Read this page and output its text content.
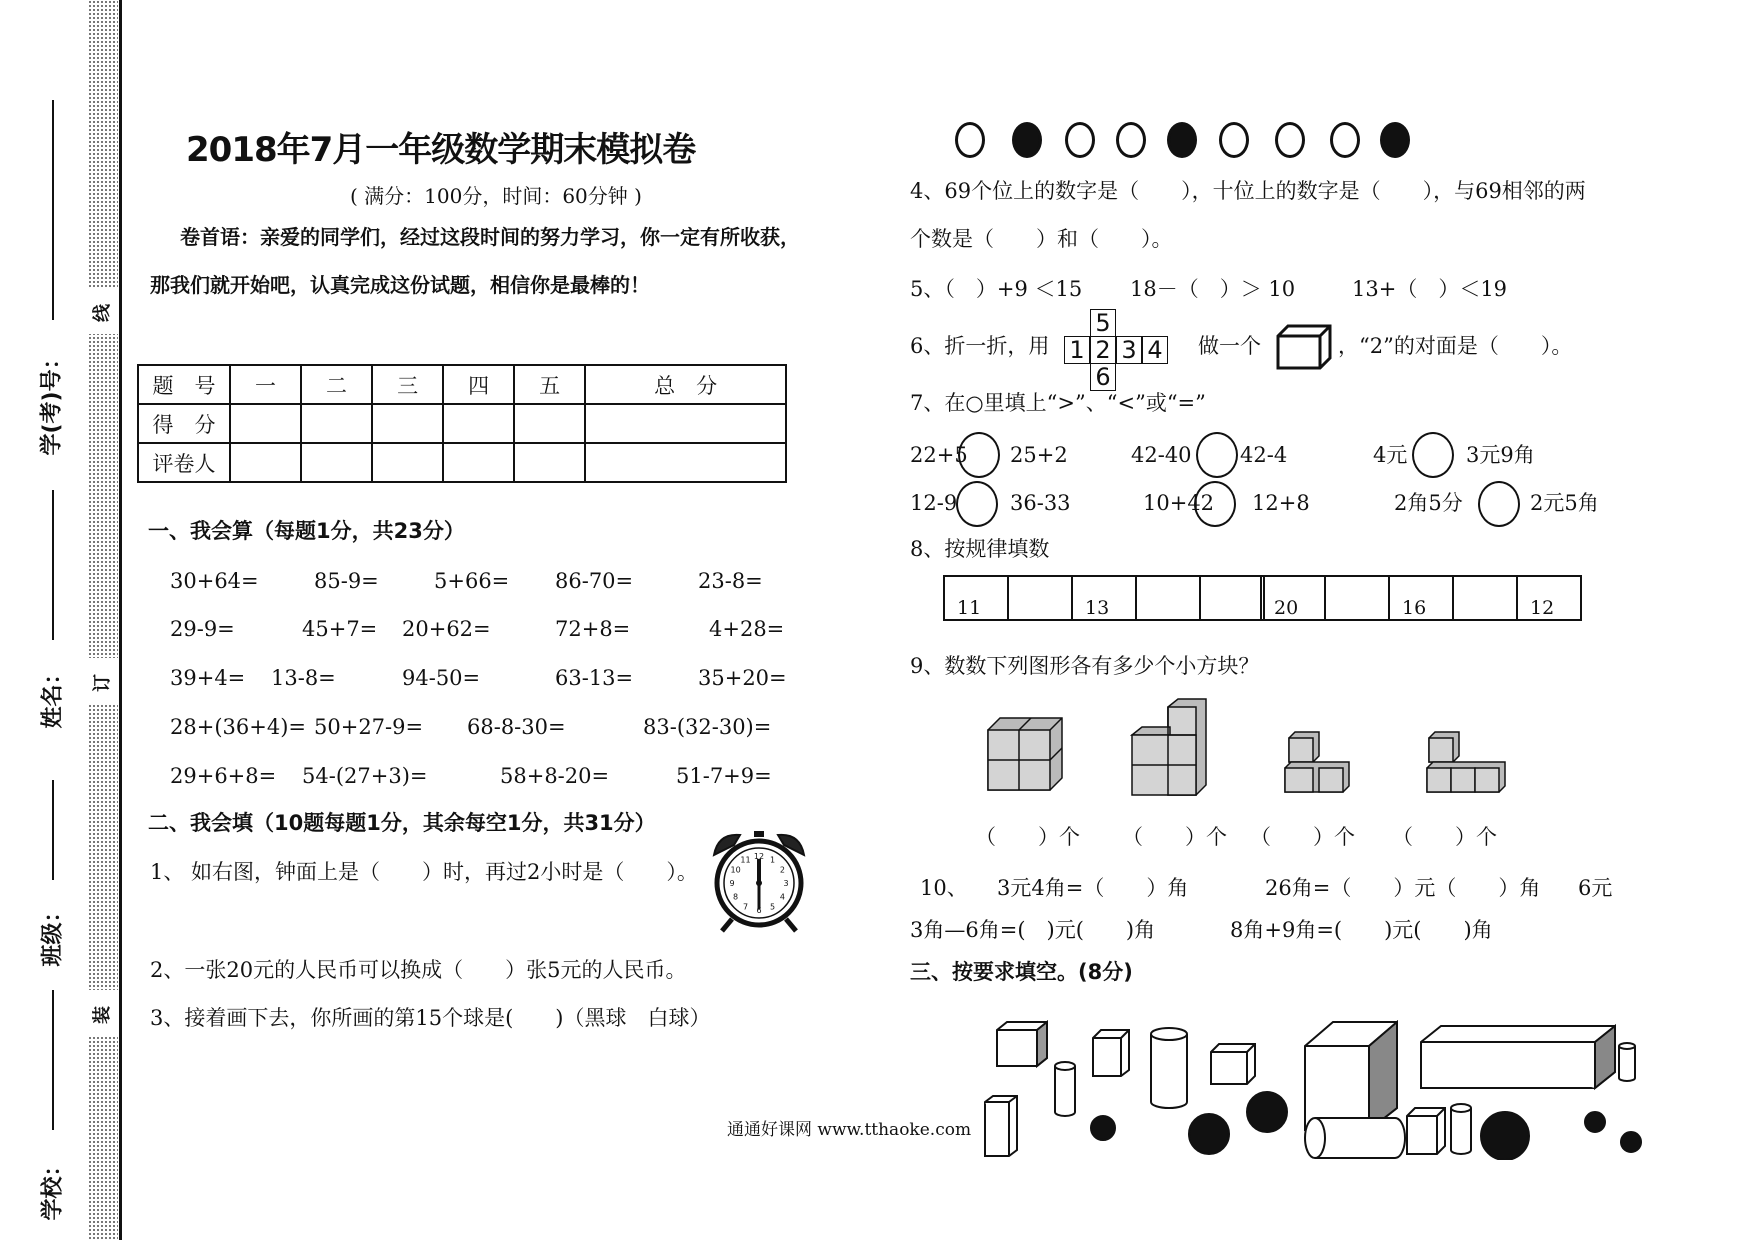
线
订
装
学(考)号：
姓名：
班级：
学校：
2018年7月一年级数学期末模拟卷
( 满分：100分，时间：60分钟 )
卷首语：亲爱的同学们，经过这段时间的努力学习，你一定有所收获，
那我们就开始吧，认真完成这份试题，相信你是最棒的！
题　号	一	二	三	四	五	总　分
得　分						
评卷人						
一、我会算（每题1分，共23分）
30+64=	85-9=	5+66= 86-70=	23-8=
29-9=	45+7= 20+62=	72+8=	4+28=
39+4= 13-8=	94-50=	63-13=	35+20=
28+(36+4)= 50+27-9= 68-8-30=	83-(32-30)=
29+6+8= 54-(27+3)=	58+8-20=	51-7+9=
二、我会填（10题每题1分，其余每空1分，共31分）
1、 如右图，钟面上是（　　）时，再过2小时是（　　）。
12 1
2
3
4
5
6
7
8
9
10
11
2、一张20元的人民币可以换成（　　）张5元的人民币。
3、接着画下去，你所画的第15个球是(　　)（黑球　白球）
通通好课网 www.tthaoke.com
4、69个位上的数字是（　　），十位上的数字是（　　），与69相邻的两
个数是（　　）和（　　）。
5、（　）+9 ＜15 18－（　）＞ 10	13+（　）＜19
6、折一折，用
5
1 2 3 4
6
做一个	，“2”的对面是（　　）。
7、在○里填上“>”、“<”或“=”
22+5 25+2	42-40 42-4	4元	3元9角
12-9	36-33	10+42 12+8	2角5分	2元5角
8、按规律填数
11		13			20		16		12
9、数数下列图形各有多少个小方块？
（　　）个 （　　）个 （　　）个 （　　）个
10、 3元4角=（　　）角	26角=（　　）元（　　）角 6元
3角—6角=(　)元(　　)角	8角+9角=(　　)元(　　)角
三、按要求填空。(8分)
